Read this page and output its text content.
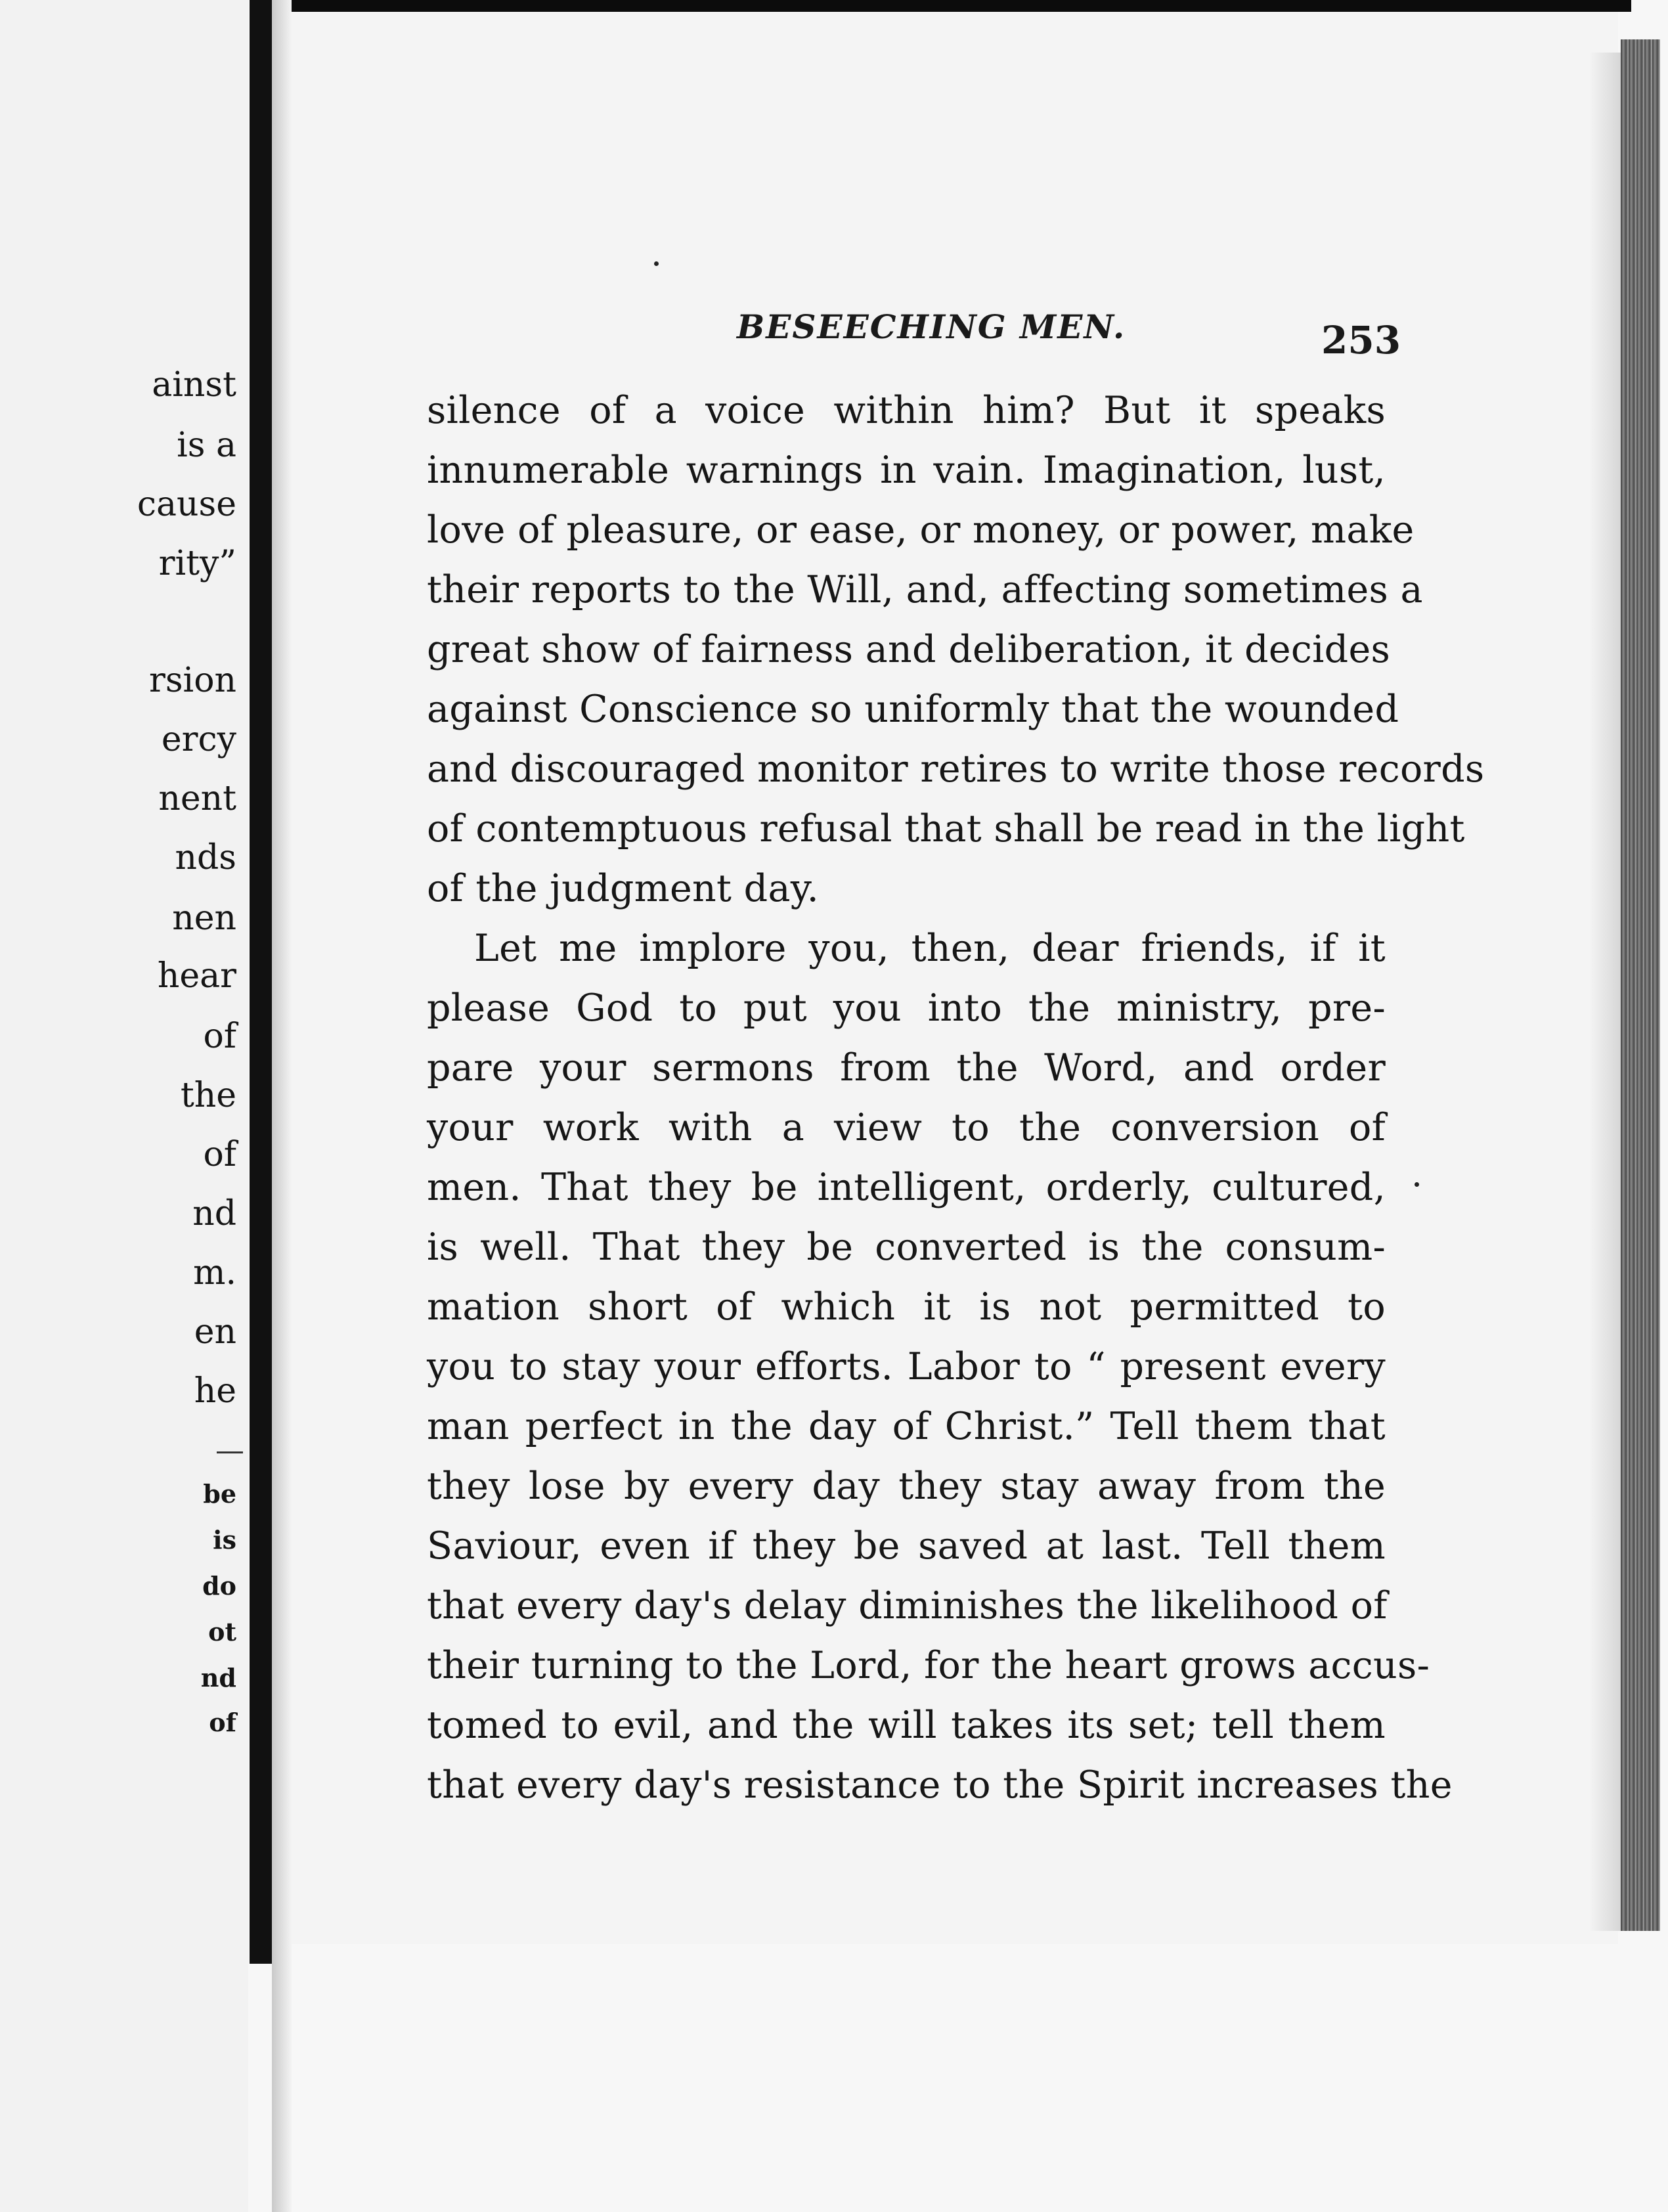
ainst
is a
cause
rity”
rsion
ercy
nent
nds
nen
hear
of
the
of
nd
m.
en
he
be
is
do
ot
nd
of
BESEECHING MEN.	253
silence of a voice within him? But it speaks
innumerable warnings in vain. Imagination, lust,
love of pleasure, or ease, or money, or power, make
their reports to the Will, and, affecting sometimes a
great show of fairness and deliberation, it decides
against Conscience so uniformly that the wounded
and discouraged monitor retires to write those records
of contemptuous refusal that shall be read in the light
of the judgment day.
Let me implore you, then, dear friends, if it
please God to put you into the ministry, pre-
pare your sermons from the Word, and order
your work with a view to the conversion of
men. That they be intelligent, orderly, cultured,
is well. That they be converted is the consum-
mation short of which it is not permitted to
you to stay your efforts. Labor to “ present every
man perfect in the day of Christ.” Tell them that
they lose by every day they stay away from the
Saviour, even if they be saved at last. Tell them
that every day's delay diminishes the likelihood of
their turning to the Lord, for the heart grows accus-
tomed to evil, and the will takes its set; tell them
that every day's resistance to the Spirit increases the
